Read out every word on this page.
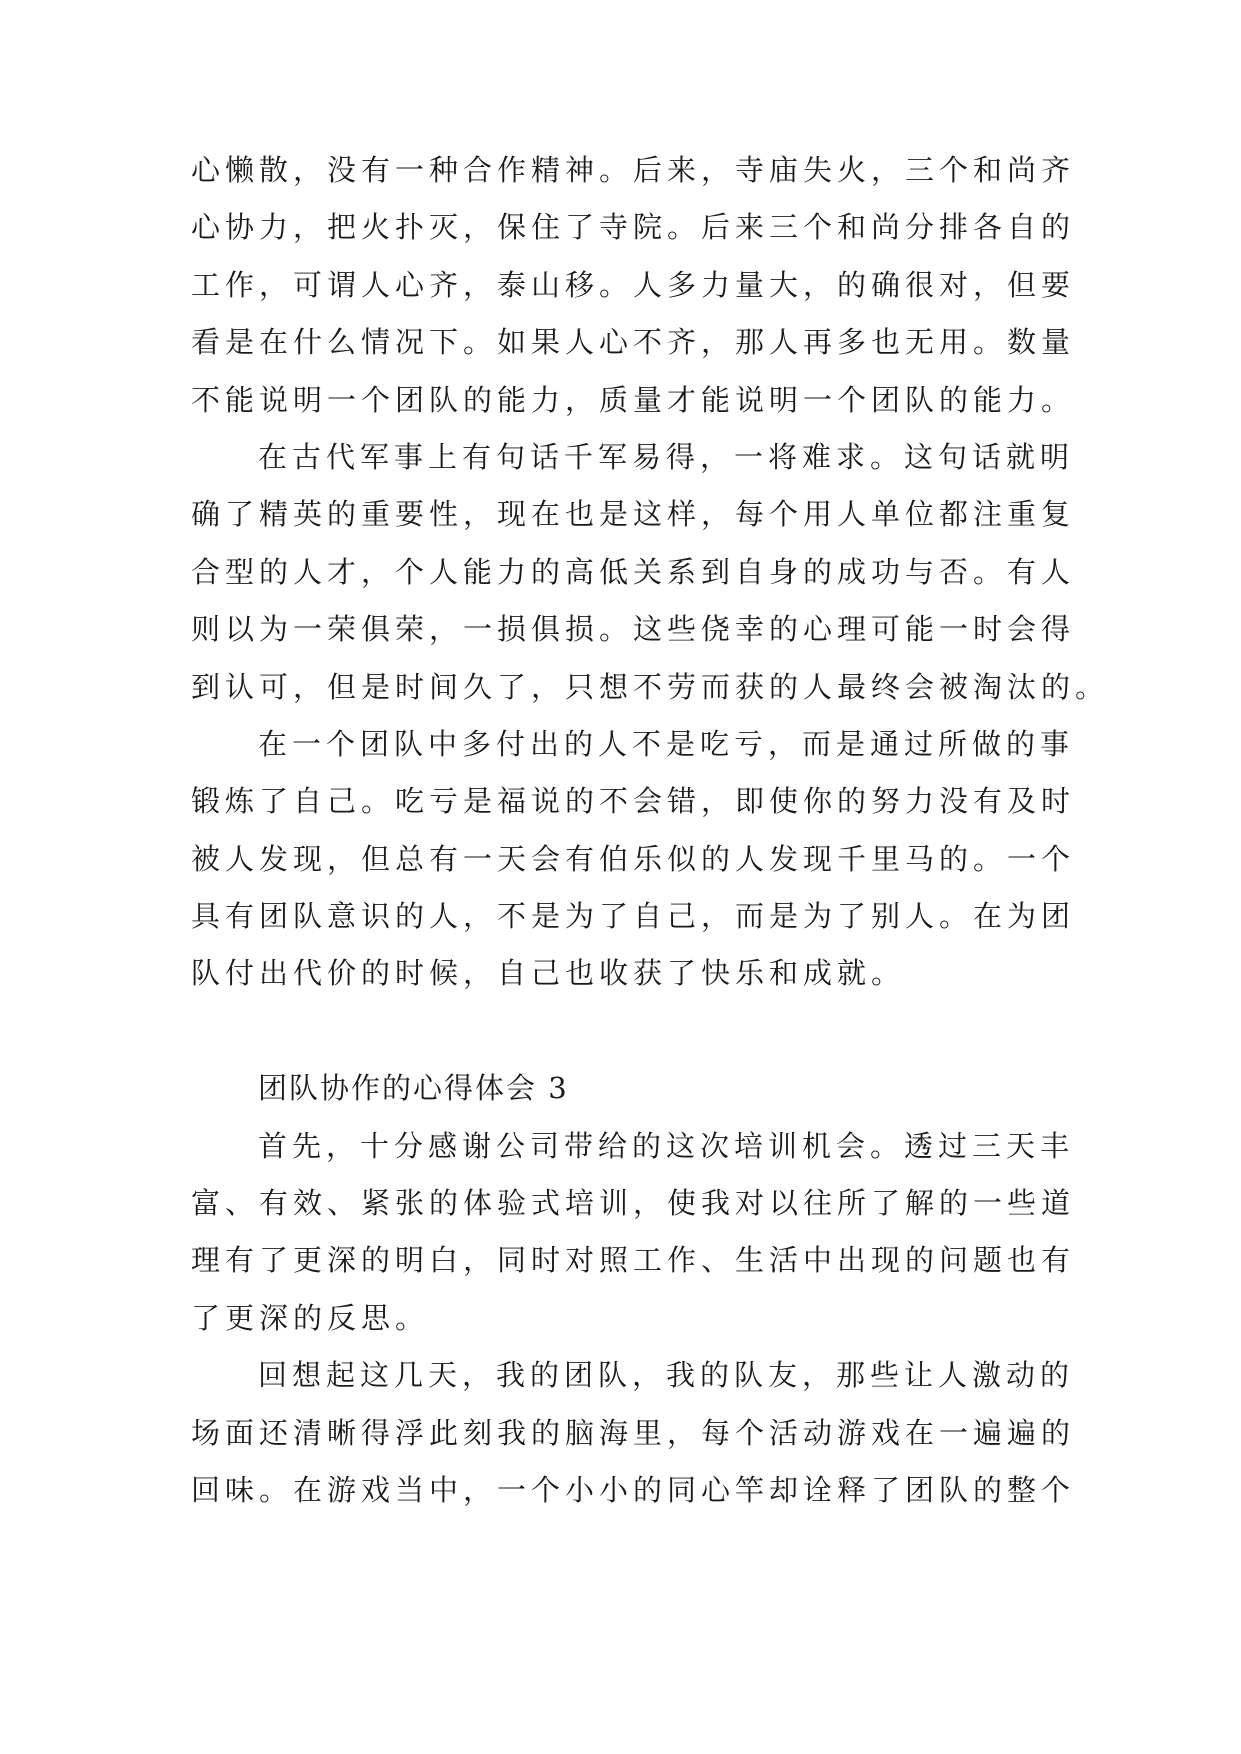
心懒散，没有一种合作精神。后来，寺庙失火，三个和尚齐
心协力，把火扑灭，保住了寺院。后来三个和尚分排各自的
工作，可谓人心齐，泰山移。人多力量大，的确很对，但要
看是在什么情况下。如果人心不齐，那人再多也无用。数量
不能说明一个团队的能力，质量才能说明一个团队的能力。
在古代军事上有句话千军易得，一将难求。这句话就明
确了精英的重要性，现在也是这样，每个用人单位都注重复
合型的人才，个人能力的高低关系到自身的成功与否。有人
则以为一荣俱荣，一损俱损。这些侥幸的心理可能一时会得
到认可，但是时间久了，只想不劳而获的人最终会被淘汰的。
在一个团队中多付出的人不是吃亏，而是通过所做的事
锻炼了自己。吃亏是福说的不会错，即使你的努力没有及时
被人发现，但总有一天会有伯乐似的人发现千里马的。一个
具有团队意识的人，不是为了自己，而是为了别人。在为团
队付出代价的时候，自己也收获了快乐和成就。
团队协作的心得体会 3
首先，十分感谢公司带给的这次培训机会。透过三天丰
富、有效、紧张的体验式培训，使我对以往所了解的一些道
理有了更深的明白，同时对照工作、生活中出现的问题也有
了更深的反思。
回想起这几天，我的团队，我的队友，那些让人激动的
场面还清晰得浮此刻我的脑海里，每个活动游戏在一遍遍的
回味。在游戏当中，一个小小的同心竿却诠释了团队的整个
